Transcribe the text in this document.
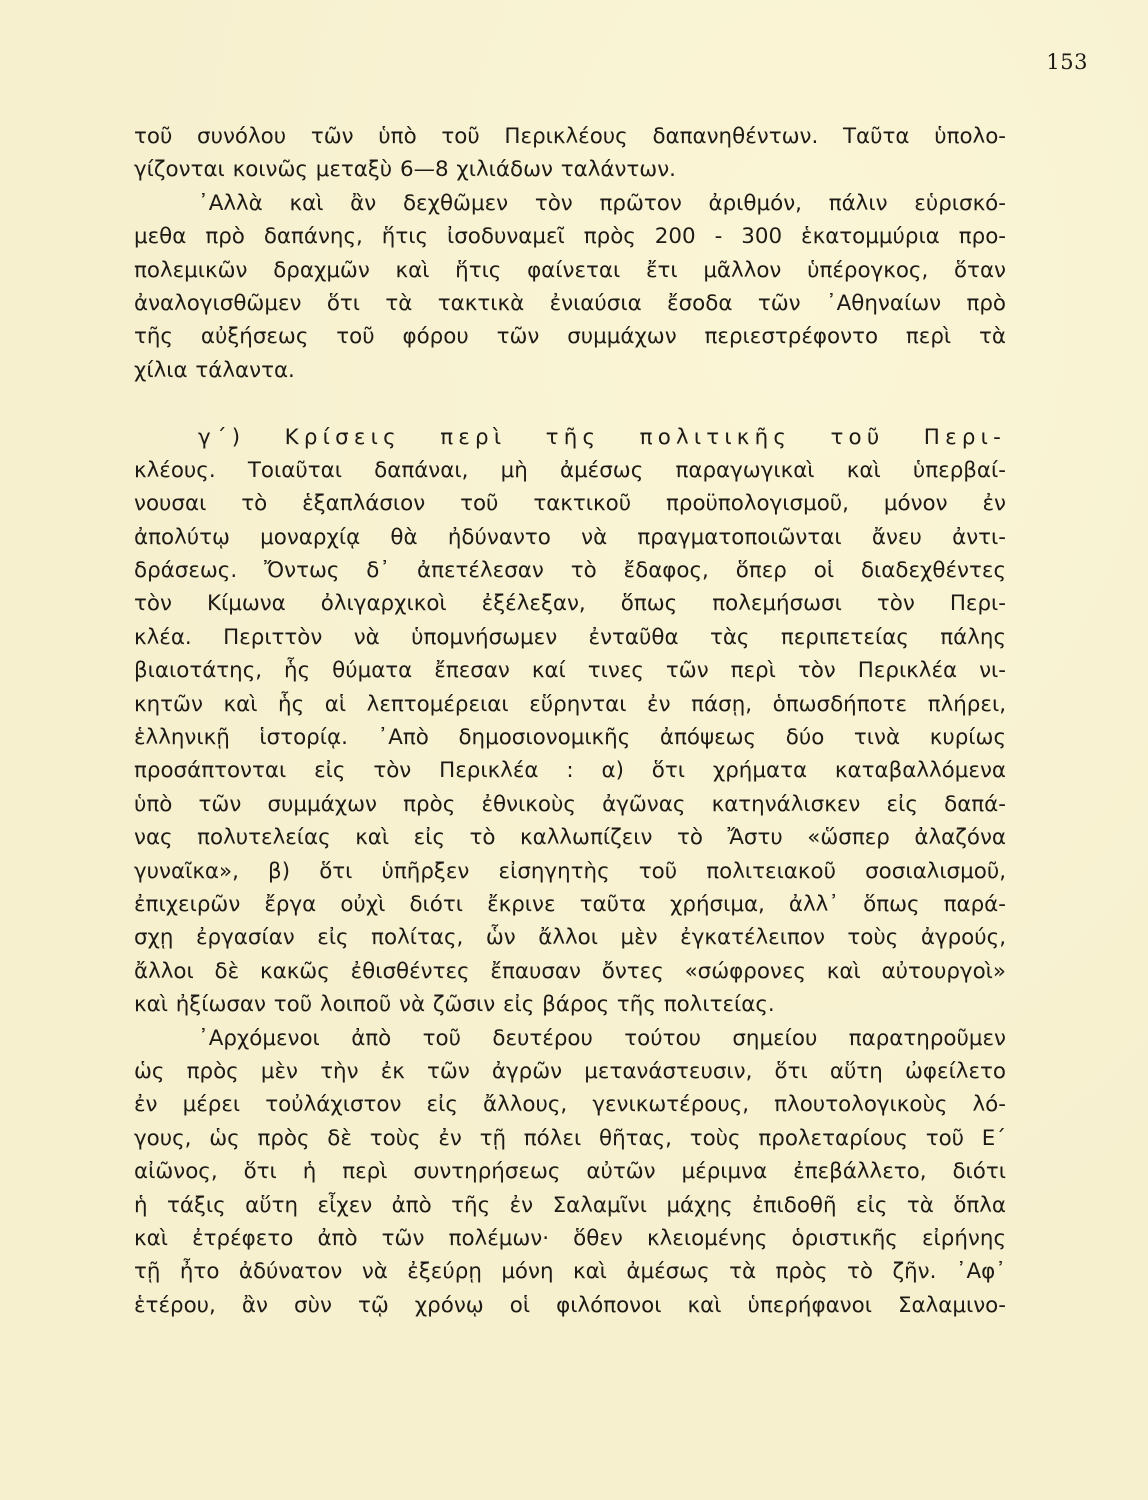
153
τοῦ συνόλου τῶν ὑπὸ τοῦ Περικλέους δαπανηθέντων. Ταῦτα ὑπολο-
γίζονται κοινῶς μεταξὺ 6—8 χιλιάδων ταλάντων.
᾿Αλλὰ καὶ ἂν δεχθῶμεν τὸν πρῶτον ἀριθμόν, πάλιν εὑρισκό-
μεθα πρὸ δαπάνης, ἥτις ἰσοδυναμεῖ πρὸς 200 - 300 ἑκατομμύρια προ-
πολεμικῶν δραχμῶν καὶ ἥτις φαίνεται ἔτι μᾶλλον ὑπέρογκος, ὅταν
ἀναλογισθῶμεν ὅτι τὰ τακτικὰ ἐνιαύσια ἔσοδα τῶν ᾿Αθηναίων πρὸ
τῆς αὐξήσεως τοῦ φόρου τῶν συμμάχων περιεστρέφοντο περὶ τὰ
χίλια τάλαντα.
γ΄) Κρίσεις περὶ τῆς πολιτικῆς τοῦ Περι-
κλέους. Τοιαῦται δαπάναι, μὴ ἀμέσως παραγωγικαὶ καὶ ὑπερβαί-
νουσαι τὸ ἑξαπλάσιον τοῦ τακτικοῦ προϋπολογισμοῦ, μόνον ἐν
ἀπολύτῳ μοναρχίᾳ θὰ ἠδύναντο νὰ πραγματοποιῶνται ἄνευ ἀντι-
δράσεως. Ὄντως δ᾿ ἀπετέλεσαν τὸ ἔδαφος, ὅπερ οἱ διαδεχθέντες
τὸν Κίμωνα ὀλιγαρχικοὶ ἐξέλεξαν, ὅπως πολεμήσωσι τὸν Περι-
κλέα. Περιττὸν νὰ ὑπομνήσωμεν ἐνταῦθα τὰς περιπετείας πάλης
βιαιοτάτης, ἧς θύματα ἔπεσαν καί τινες τῶν περὶ τὸν Περικλέα νι-
κητῶν καὶ ἧς αἱ λεπτομέρειαι εὕρηνται ἐν πάσῃ, ὁπωσδήποτε πλήρει,
ἑλληνικῇ ἱστορίᾳ. ᾿Απὸ δημοσιονομικῆς ἀπόψεως δύο τινὰ κυρίως
προσάπτονται εἰς τὸν Περικλέα : α) ὅτι χρήματα καταβαλλόμενα
ὑπὸ τῶν συμμάχων πρὸς ἐθνικοὺς ἀγῶνας κατηνάλισκεν εἰς δαπά-
νας πολυτελείας καὶ εἰς τὸ καλλωπίζειν τὸ Ἄστυ «ὥσπερ ἀλαζόνα
γυναῖκα», β) ὅτι ὑπῆρξεν εἰσηγητὴς τοῦ πολιτειακοῦ σοσιαλισμοῦ,
ἐπιχειρῶν ἔργα οὐχὶ διότι ἔκρινε ταῦτα χρήσιμα, ἀλλ᾿ ὅπως παρά-
σχῃ ἐργασίαν εἰς πολίτας, ὧν ἄλλοι μὲν ἐγκατέλειπον τοὺς ἀγρούς,
ἄλλοι δὲ κακῶς ἐθισθέντες ἔπαυσαν ὄντες «σώφρονες καὶ αὐτουργοὶ»
καὶ ἠξίωσαν τοῦ λοιποῦ νὰ ζῶσιν εἰς βάρος τῆς πολιτείας.
᾿Αρχόμενοι ἀπὸ τοῦ δευτέρου τούτου σημείου παρατηροῦμεν
ὡς πρὸς μὲν τὴν ἐκ τῶν ἀγρῶν μετανάστευσιν, ὅτι αὕτη ὠφείλετο
ἐν μέρει τοὐλάχιστον εἰς ἄλλους, γενικωτέρους, πλουτολογικοὺς λό-
γους, ὡς πρὸς δὲ τοὺς ἐν τῇ πόλει θῆτας, τοὺς προλεταρίους τοῦ Ε΄
αἰῶνος, ὅτι ἡ περὶ συντηρήσεως αὐτῶν μέριμνα ἐπεβάλλετο, διότι
ἡ τάξις αὕτη εἶχεν ἀπὸ τῆς ἐν Σαλαμῖνι μάχης ἐπιδοθῆ εἰς τὰ ὅπλα
καὶ ἐτρέφετο ἀπὸ τῶν πολέμων· ὅθεν κλειομένης ὁριστικῆς εἰρήνης
τῇ ἦτο ἀδύνατον νὰ ἐξεύρῃ μόνη καὶ ἀμέσως τὰ πρὸς τὸ ζῆν. ᾿Αφ᾿
ἑτέρου, ἂν σὺν τῷ χρόνῳ οἱ φιλόπονοι καὶ ὑπερήφανοι Σαλαμινο-
